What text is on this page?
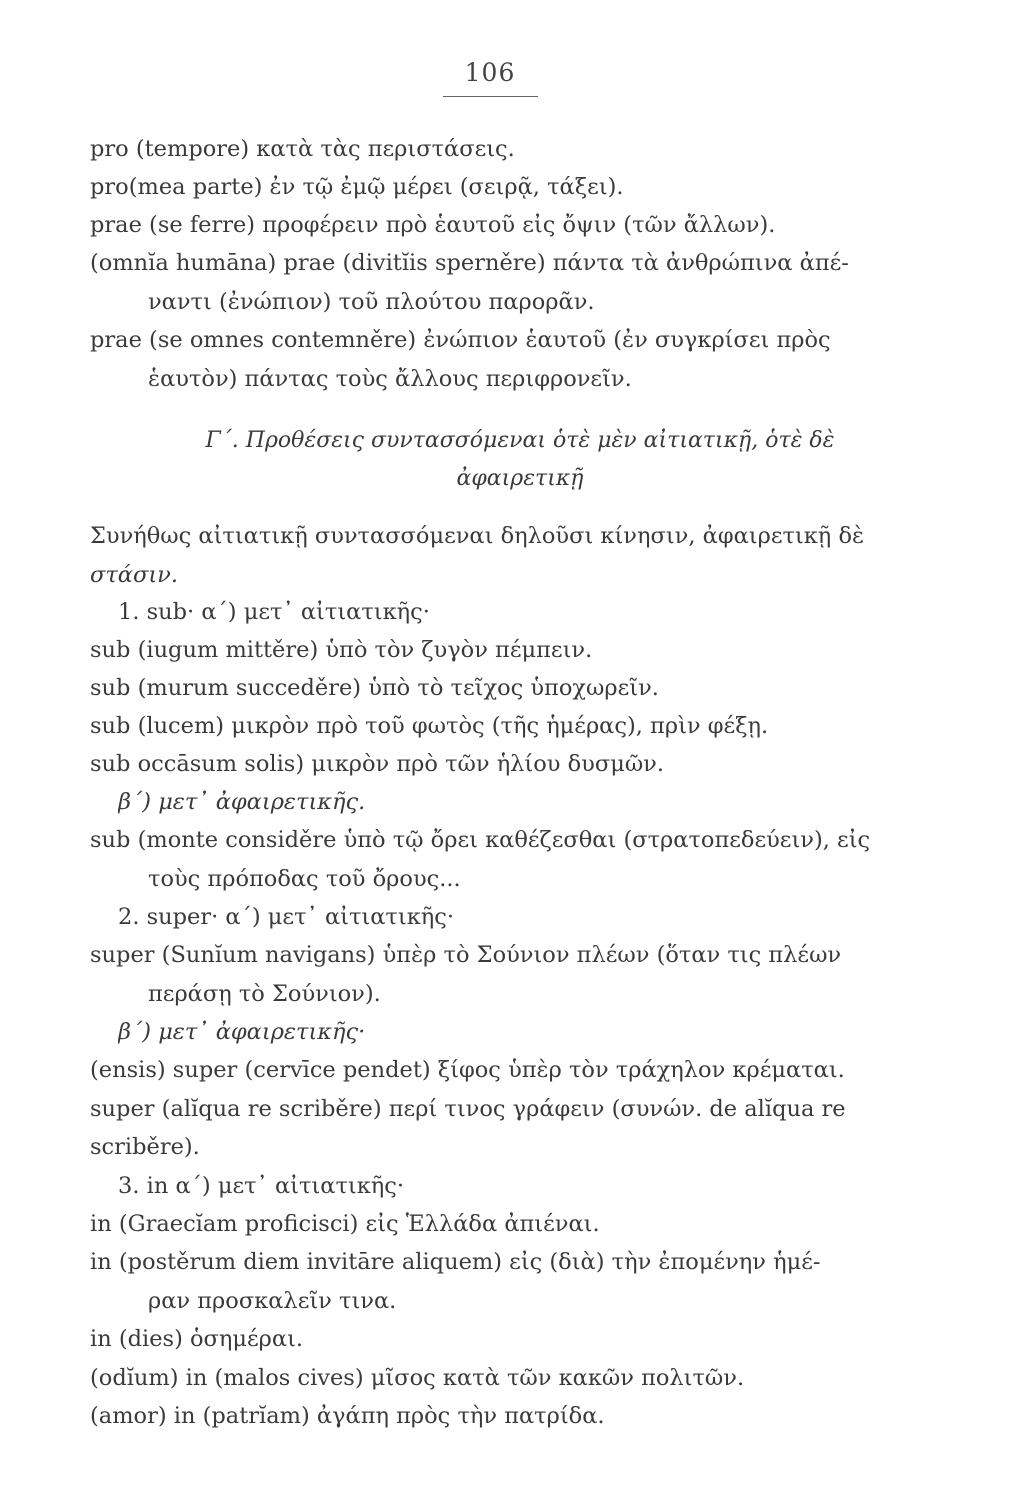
106
pro (tempore) κατὰ τὰς περιστάσεις.
pro(mea parte) ἐν τῷ ἐμῷ μέρει (σειρᾷ, τάξει).
prae (se ferre) προφέρειν πρὸ ἑαυτοῦ εἰς ὄψιν (τῶν ἄλλων).
(omnĭa humāna) prae (divitĭis sperněre) πάντα τὰ ἀνθρώπινα ἀπέ-
ναντι (ἐνώπιον) τοῦ πλούτου παρορᾶν.
prae (se omnes contemněre) ἐνώπιον ἑαυτοῦ (ἐν συγκρίσει πρὸς
ἑαυτὸν) πάντας τοὺς ἄλλους περιφρονεῖν.
Γ΄. Προθέσεις συντασσόμεναι ὁτὲ μὲν αἰτιατικῇ, ὁτὲ δὲ
ἀφαιρετικῇ
Συνήθως αἰτιατικῇ συντασσόμεναι δηλοῦσι κίνησιν, ἀφαιρετικῇ δὲ
στάσιν.
1. sub· α΄) μετ᾽ αἰτιατικῆς·
sub (iugum mittěre) ὑπὸ τὸν ζυγὸν πέμπειν.
sub (murum succeděre) ὑπὸ τὸ τεῖχος ὑποχωρεῖν.
sub (lucem) μικρὸν πρὸ τοῦ φωτὸς (τῆς ἡμέρας), πρὶν φέξῃ.
sub occāsum solis) μικρὸν πρὸ τῶν ἡλίου δυσμῶν.
β΄) μετ᾽ ἀφαιρετικῆς.
sub (monte considěre ὑπὸ τῷ ὄρει καθέζεσθαι (στρατοπεδεύειν), εἰς
τοὺς πρόποδας τοῦ ὄρους...
2. super· α΄) μετ᾽ αἰτιατικῆς·
super (Sunĭum navigans) ὑπὲρ τὸ Σούνιον πλέων (ὅταν τις πλέων
περάσῃ τὸ Σούνιον).
β΄) μετ᾽ ἀφαιρετικῆς·
(ensis) super (cervīce pendet) ξίφος ὑπὲρ τὸν τράχηλον κρέμαται.
super (alĭqua re scriběre) περί τινος γράφειν (συνών. de alĭqua re
scriběre).
3. in α΄) μετ᾽ αἰτιατικῆς·
in (Graecĭam proficisci) εἰς Ἑλλάδα ἀπιέναι.
in (postěrum diem invitāre aliquem) εἰς (διὰ) τὴν ἐπομένην ἡμέ-
ραν προσκαλεῖν τινα.
in (dies) ὁσημέραι.
(odĭum) in (malos cives) μῖσος κατὰ τῶν κακῶν πολιτῶν.
(amor) in (patrĭam) ἀγάπη πρὸς τὴν πατρίδα.
